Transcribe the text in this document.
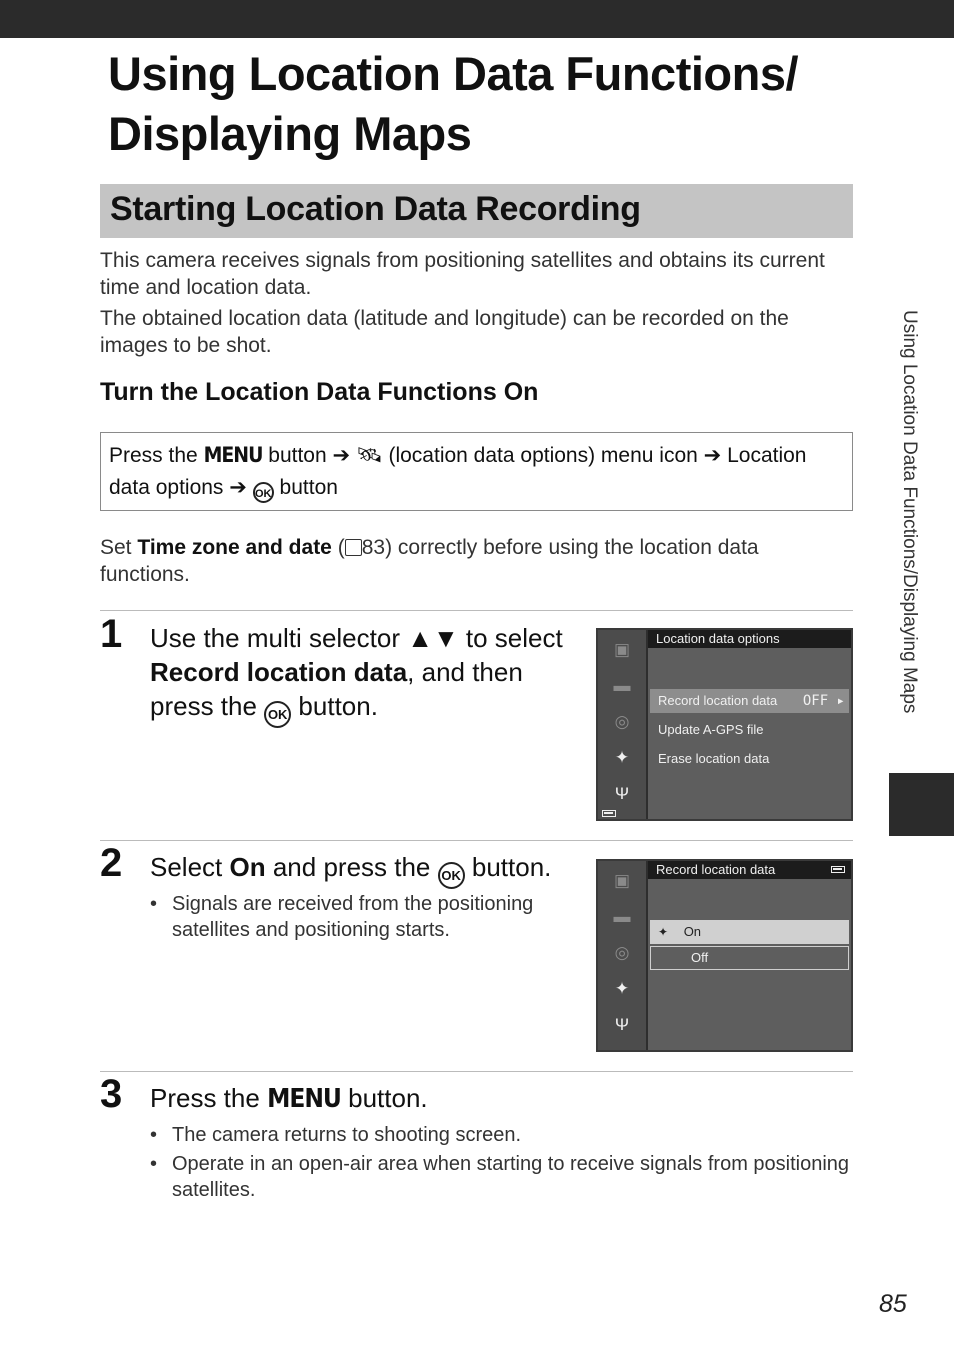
Using Location Data Functions/
Displaying Maps
Starting Location Data Recording
This camera receives signals from positioning satellites and obtains its current time and location data.
The obtained location data (latitude and longitude) can be recorded on the images to be shot.
Turn the Location Data Functions On
Press the MENU button ➔ 🛰︎ (location data options) menu icon ➔ Location data options ➔ OK button
Set Time zone and date ( 83) correctly before using the location data functions.
1 Use the multi selector ▲▼ to select Record location data, and then press the OK button.
▣
▬
◎
✦
Ψ
Location data options
Record location data OFF ▸
Update A-GPS file
Erase location data
2 Select On and press the OK button.
• Signals are received from the positioning satellites and positioning starts.
▣
▬
◎
✦
Ψ
Record location data
✦ On
Off
3 Press the MENU button.
• The camera returns to shooting screen.
• Operate in an open-air area when starting to receive signals from positioning satellites.
Using Location Data Functions/Displaying Maps
85
